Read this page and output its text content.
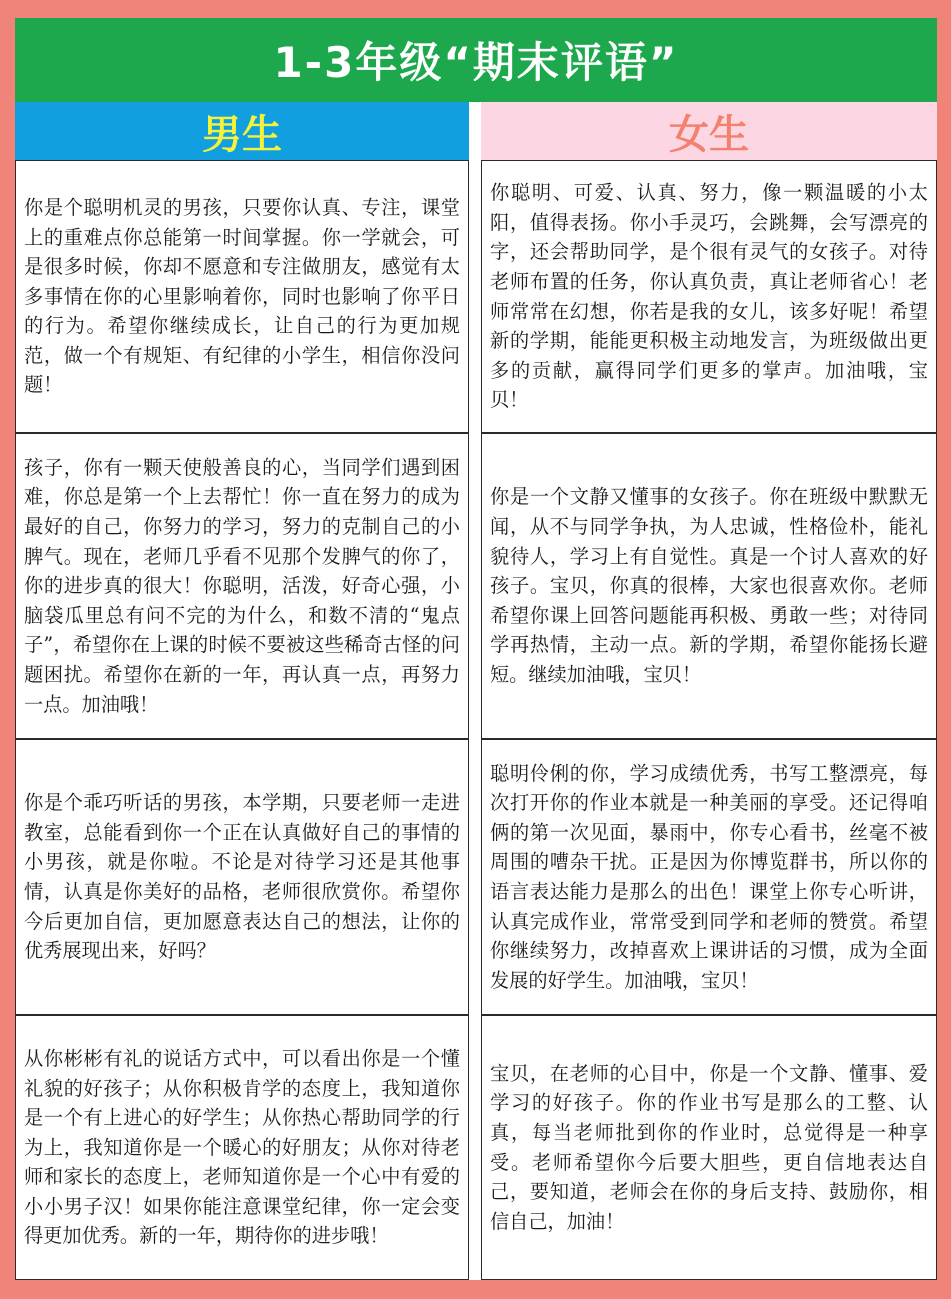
1-3年级“期末评语”
男生	女生
你是个聪明机灵的男孩，只要你认真、专注，课堂上的重难点你总能第一时间掌握。你一学就会，可是很多时候，你却不愿意和专注做朋友，感觉有太多事情在你的心里影响着你，同时也影响了你平日的行为。希望你继续成长，让自己的行为更加规范，做一个有规矩、有纪律的小学生，相信你没问题！
你聪明、可爱、认真、努力，像一颗温暖的小太阳，值得表扬。你小手灵巧，会跳舞，会写漂亮的字，还会帮助同学，是个很有灵气的女孩子。对待老师布置的任务，你认真负责，真让老师省心！老师常常在幻想，你若是我的女儿，该多好呢！希望新的学期，能能更积极主动地发言，为班级做出更多的贡献，赢得同学们更多的掌声。加油哦，宝贝！
孩子，你有一颗天使般善良的心，当同学们遇到困难，你总是第一个上去帮忙！你一直在努力的成为最好的自己，你努力的学习，努力的克制自己的小脾气。现在，老师几乎看不见那个发脾气的你了，你的进步真的很大！你聪明，活泼，好奇心强，小脑袋瓜里总有问不完的为什么，和数不清的“鬼点子”，希望你在上课的时候不要被这些稀奇古怪的问题困扰。希望你在新的一年，再认真一点，再努力一点。加油哦！
你是一个文静又懂事的女孩子。你在班级中默默无闻，从不与同学争执，为人忠诚，性格俭朴，能礼貌待人，学习上有自觉性。真是一个讨人喜欢的好孩子。宝贝，你真的很棒，大家也很喜欢你。老师希望你课上回答问题能再积极、勇敢一些；对待同学再热情，主动一点。新的学期，希望你能扬长避短。继续加油哦，宝贝！
你是个乖巧听话的男孩，本学期，只要老师一走进教室，总能看到你一个正在认真做好自己的事情的小男孩，就是你啦。不论是对待学习还是其他事情，认真是你美好的品格，老师很欣赏你。希望你今后更加自信，更加愿意表达自己的想法，让你的优秀展现出来，好吗？
聪明伶俐的你，学习成绩优秀，书写工整漂亮，每次打开你的作业本就是一种美丽的享受。还记得咱俩的第一次见面，暴雨中，你专心看书，丝毫不被周围的嘈杂干扰。正是因为你博览群书，所以你的语言表达能力是那么的出色！课堂上你专心听讲，认真完成作业，常常受到同学和老师的赞赏。希望你继续努力，改掉喜欢上课讲话的习惯，成为全面发展的好学生。加油哦，宝贝！
从你彬彬有礼的说话方式中，可以看出你是一个懂礼貌的好孩子；从你积极肯学的态度上，我知道你是一个有上进心的好学生；从你热心帮助同学的行为上，我知道你是一个暖心的好朋友；从你对待老师和家长的态度上，老师知道你是一个心中有爱的小小男子汉！如果你能注意课堂纪律，你一定会变得更加优秀。新的一年，期待你的进步哦！
宝贝，在老师的心目中，你是一个文静、懂事、爱学习的好孩子。你的作业书写是那么的工整、认真，每当老师批到你的作业时，总觉得是一种享受。老师希望你今后要大胆些，更自信地表达自己，要知道，老师会在你的身后支持、鼓励你，相信自己，加油！
